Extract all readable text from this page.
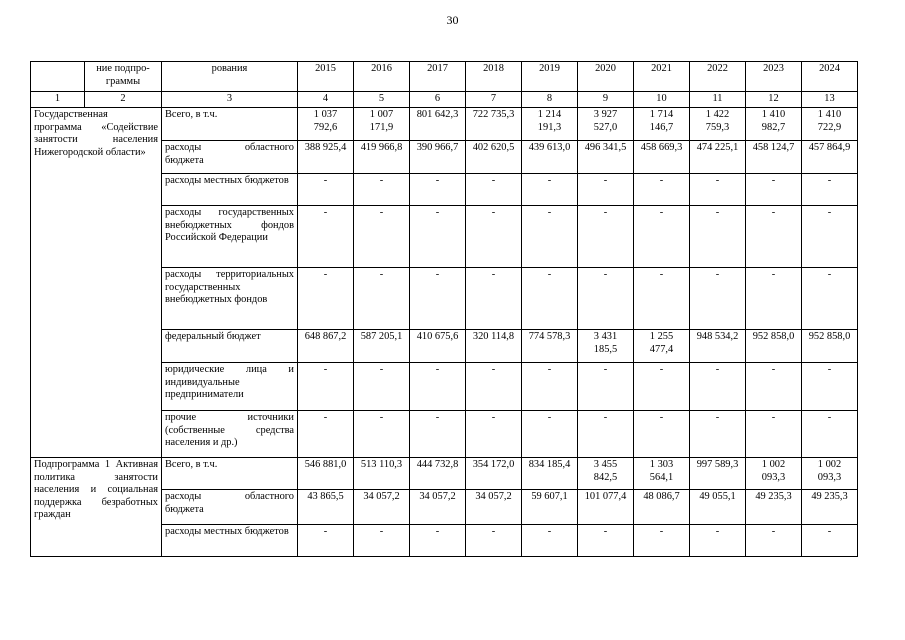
30
	ние подпро-граммы	рования	2015	2016	2017	2018	2019	2020	2021	2022	2023	2024
1	2	3	4	5	6	7	8	9	10	11	12	13
Государственная программа «Содействие занятости населения Нижегородской области»		Всего, в т.ч.	1 037 792,6	1 007 171,9	801 642,3	722 735,3	1 214 191,3	3 927 527,0	1 714 146,7	1 422 759,3	1 410 982,7	1 410 722,9
		расходы областного бюджета	388 925,4	419 966,8	390 966,7	402 620,5	439 613,0	496 341,5	458 669,3	474 225,1	458 124,7	457 864,9
		расходы местных бюджетов	-	-	-	-	-	-	-	-	-	-
		расходы государственных внебюджетных фондов Российской Федерации	-	-	-	-	-	-	-	-	-	-
		расходы территориальных государственных внебюджетных фондов	-	-	-	-	-	-	-	-	-	-
		федеральный бюджет	648 867,2	587 205,1	410 675,6	320 114,8	774 578,3	3 431 185,5	1 255 477,4	948 534,2	952 858,0	952 858,0
		юридические лица и индивидуальные предприниматели	-	-	-	-	-	-	-	-	-	-
		прочие источники (собственные средства населения и др.)	-	-	-	-	-	-	-	-	-	-
Подпрограмма 1 Активная политика занятости населения и социальная поддержка безработных граждан		Всего, в т.ч.	546 881,0	513 110,3	444 732,8	354 172,0	834 185,4	3 455 842,5	1 303 564,1	997 589,3	1 002 093,3	1 002 093,3
		расходы областного бюджета	43 865,5	34 057,2	34 057,2	34 057,2	59 607,1	101 077,4	48 086,7	49 055,1	49 235,3	49 235,3
		расходы местных бюджетов	-	-	-	-	-	-	-	-	-	-
